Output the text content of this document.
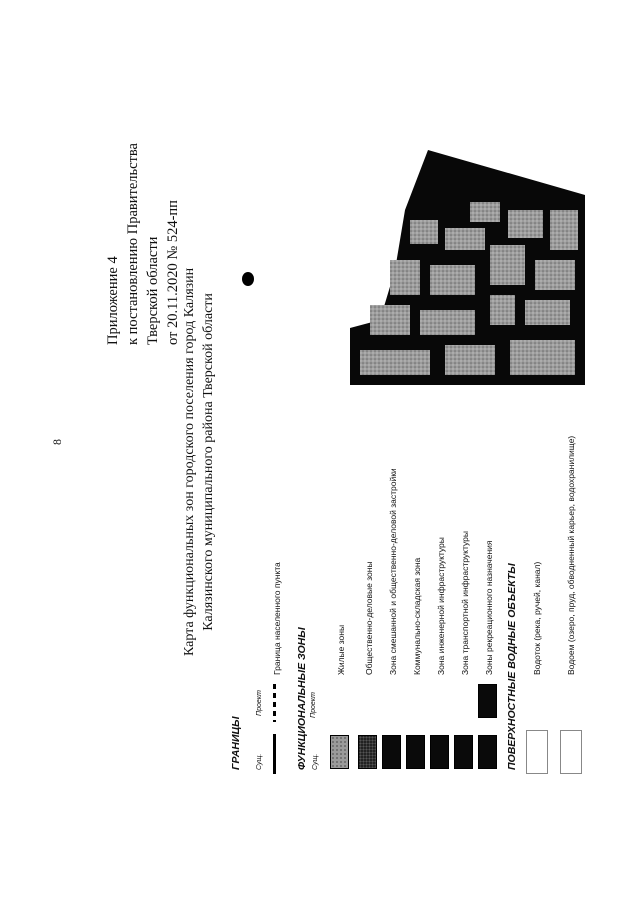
8
Приложение 4 к постановлению Правительства Тверской области от 20.11.2020 № 524-пп Карта функциональных зон городского поселения город Калязин Калязинского муниципального района Тверской области
ГРАНИЦЫ Сущ.
Проект
Граница населенного пункта
ФУНКЦИОНАЛЬНЫЕ ЗОНЫ Сущ.
Проект
Жилые зоны Общественно-деловые зоны Зона смешанной и общественно-деловой застройки Коммунально-складская зона Зона инженерной инфраструктуры Зона транспортной инфраструктуры Зоны рекреационного назначения ПОВЕРХНОСТНЫЕ ВОДНЫЕ ОБЪЕКТЫ Водоток (река, ручей, канал)	Водоем (озеро, пруд, обводненный карьер, водохранилище)
